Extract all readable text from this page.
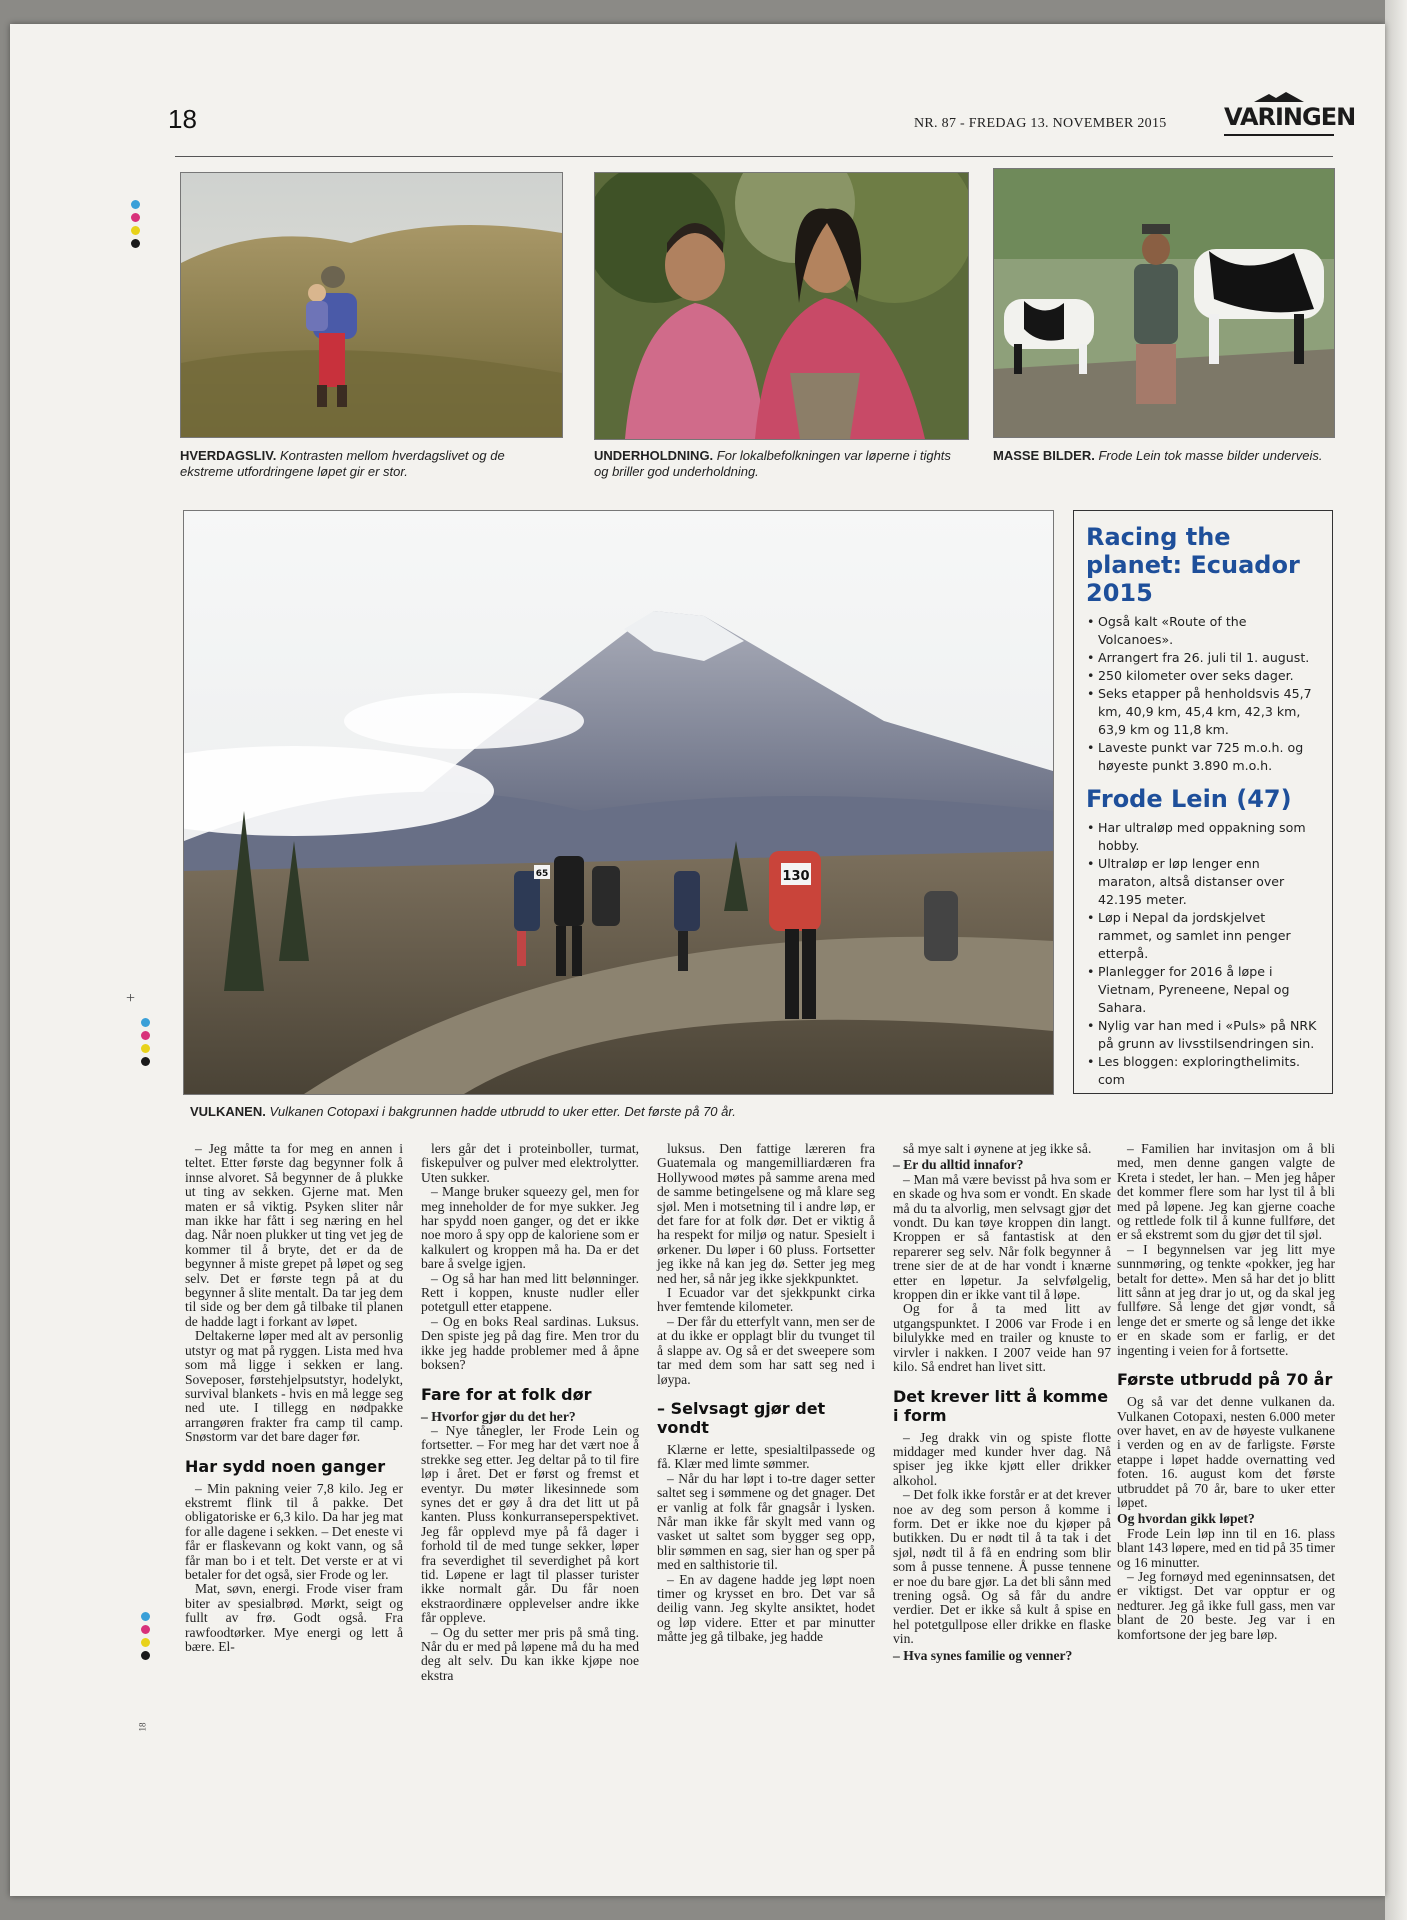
18	NR. 87 - FREDAG 13. NOVEMBER 2015 VARINGEN
+
18
HVERDAGSLIV. Kontrasten mellom hverdagslivet og de ekstreme utfordringene løpet gir er stor.
UNDERHOLDNING. For lokalbefolkningen var løperne i tights og briller god underholdning.
MASSE BILDER. Frode Lein tok masse bilder underveis.
130
65
VULKANEN. Vulkanen Cotopaxi i bakgrunnen hadde utbrudd to uker etter. Det første på 70 år.
Racing the planet: Ecuador 2015
• Også kalt «Route of the Volcanoes».
• Arrangert fra 26. juli til 1. august.
• 250 kilometer over seks dager.
• Seks etapper på henholdsvis 45,7 km, 40,9 km, 45,4 km, 42,3 km, 63,9 km og 11,8 km.
• Laveste punkt var 725 m.o.h. og høyeste punkt 3.890 m.o.h.
Frode Lein (47)
• Har ultraløp med oppakning som hobby.
• Ultraløp er løp lenger enn maraton, altså distanser over 42.195 meter.
• Løp i Nepal da jordskjelvet rammet, og samlet inn penger etterpå.
• Planlegger for 2016 å løpe i Vietnam, Pyreneene, Nepal og Sahara.
• Nylig var han med i «Puls» på NRK på grunn av livsstilsendringen sin.
• Les bloggen: exploringthelimits. com

– Jeg måtte ta for meg en annen i teltet. Etter første dag begynner folk å innse alvoret. Så begynner de å plukke ut ting av sekken. Gjerne mat. Men maten er så viktig. Psyken sliter når man ikke har fått i seg næring en hel dag. Når noen plukker ut ting vet jeg de kommer til å bryte, det er da de begynner å miste grepet på løpet og seg selv. Det er første tegn på at du begynner å slite mentalt. Da tar jeg dem til side og ber dem gå tilbake til planen de hadde lagt i forkant av løpet.

Deltakerne løper med alt av personlig utstyr og mat på ryggen. Lista med hva som må ligge i sekken er lang. Soveposer, førstehjelpsutstyr, hodelykt, survival blankets - hvis en må legge seg ned ute. I tillegg en nødpakke arrangøren frakter fra camp til camp. Snøstorm var det bare dager før.

Har sydd noen ganger

– Min pakning veier 7,8 kilo. Jeg er ekstremt flink til å pakke. Det obligatoriske er 6,3 kilo. Da har jeg mat for alle dagene i sekken. – Det eneste vi får er flaskevann og kokt vann, og så får man bo i et telt. Det verste er at vi betaler for det også, sier Frode og ler.

Mat, søvn, energi. Frode viser fram biter av spesialbrød. Mørkt, seigt og fullt av frø. Godt også. Fra rawfoodtørker. Mye energi og lett å bære. El-

lers går det i proteinboller, turmat, fiskepulver og pulver med elektrolytter. Uten sukker.

– Mange bruker squeezy gel, men for meg inneholder de for mye sukker. Jeg har spydd noen ganger, og det er ikke noe moro å spy opp de kaloriene som er kalkulert og kroppen må ha. Da er det bare å svelge igjen.

– Og så har han med litt belønninger. Rett i koppen, knuste nudler eller potetgull etter etappene.

– Og en boks Real sardinas. Luksus. Den spiste jeg på dag fire. Men tror du ikke jeg hadde problemer med å åpne boksen?

Fare for at folk dør

– Hvorfor gjør du det her?

– Nye tånegler, ler Frode Lein og fortsetter. – For meg har det vært noe å strekke seg etter. Jeg deltar på to til fire løp i året. Det er først og fremst et eventyr. Du møter likesinnede som synes det er gøy å dra det litt ut på kanten. Pluss konkurranseperspektivet. Jeg får opplevd mye på få dager i forhold til de med tunge sekker, løper fra severdighet til severdighet på kort tid. Løpene er lagt til plasser turister ikke normalt går. Du får noen ekstraordinære opplevelser andre ikke får oppleve.

– Og du setter mer pris på små ting. Når du er med på løpene må du ha med deg alt selv. Du kan ikke kjøpe noe ekstra

luksus. Den fattige læreren fra Guatemala og mangemilliardæren fra Hollywood møtes på samme arena med de samme betingelsene og må klare seg sjøl. Men i motsetning til i andre løp, er det fare for at folk dør. Det er viktig å ha respekt for miljø og natur. Spesielt i ørkener. Du løper i 60 pluss. Fortsetter jeg ikke nå kan jeg dø. Setter jeg meg ned her, så når jeg ikke sjekkpunktet.

I Ecuador var det sjekkpunkt cirka hver femtende kilometer.

– Der får du etterfylt vann, men ser de at du ikke er opplagt blir du tvunget til å slappe av. Og så er det sweepere som tar med dem som har satt seg ned i løypa.

– Selvsagt gjør det vondt

Klærne er lette, spesialtilpassede og få. Klær med limte sømmer.

– Når du har løpt i to-tre dager setter saltet seg i sømmene og det gnager. Det er vanlig at folk får gnagsår i lysken. Når man ikke får skylt med vann og vasket ut saltet som bygger seg opp, blir sømmen en sag, sier han og sper på med en salthistorie til.

– En av dagene hadde jeg løpt noen timer og krysset en bro. Det var så deilig vann. Jeg skylte ansiktet, hodet og løp videre. Etter et par minutter måtte jeg gå tilbake, jeg hadde

så mye salt i øynene at jeg ikke så.

– Er du alltid innafor?

– Man må være bevisst på hva som er en skade og hva som er vondt. En skade må du ta alvorlig, men selvsagt gjør det vondt. Du kan tøye kroppen din langt. Kroppen er så fantastisk at den reparerer seg selv. Når folk begynner å trene sier de at de har vondt i knærne etter en løpetur. Ja selvfølgelig, kroppen din er ikke vant til å løpe.

Og for å ta med litt av utgangspunktet. I 2006 var Frode i en bilulykke med en trailer og knuste to virvler i nakken. I 2007 veide han 97 kilo. Så endret han livet sitt.

Det krever litt å komme i form

– Jeg drakk vin og spiste flotte middager med kunder hver dag. Nå spiser jeg ikke kjøtt eller drikker alkohol.

– Det folk ikke forstår er at det krever noe av deg som person å komme i form. Det er ikke noe du kjøper på butikken. Du er nødt til å ta tak i det sjøl, nødt til å få en endring som blir som å pusse tennene. Å pusse tennene er noe du bare gjør. La det bli sånn med trening også. Og så får du andre verdier. Det er ikke så kult å spise en hel potetgullpose eller drikke en flaske vin.

– Hva synes familie og venner?

– Familien har invitasjon om å bli med, men denne gangen valgte de Kreta i stedet, ler han. – Men jeg håper det kommer flere som har lyst til å bli med på løpene. Jeg kan gjerne coache og rettlede folk til å kunne fullføre, det er så ekstremt som du gjør det til sjøl.

– I begynnelsen var jeg litt mye sunnmøring, og tenkte «pokker, jeg har betalt for dette». Men så har det jo blitt litt sånn at jeg drar jo ut, og da skal jeg fullføre. Så lenge det gjør vondt, så lenge det er smerte og så lenge det ikke er en skade som er farlig, er det ingenting i veien for å fortsette.

Første utbrudd på 70 år

Og så var det denne vulkanen da. Vulkanen Cotopaxi, nesten 6.000 meter over havet, en av de høyeste vulkanene i verden og en av de farligste. Første etappe i løpet hadde overnatting ved foten. 16. august kom det første utbruddet på 70 år, bare to uker etter løpet.

Og hvordan gikk løpet?

Frode Lein løp inn til en 16. plass blant 143 løpere, med en tid på 35 timer og 16 minutter.

– Jeg fornøyd med egeninnsatsen, det er viktigst. Det var opptur er og nedturer. Jeg gå ikke full gass, men var blant de 20 beste. Jeg var i en komfortsone der jeg bare løp.
